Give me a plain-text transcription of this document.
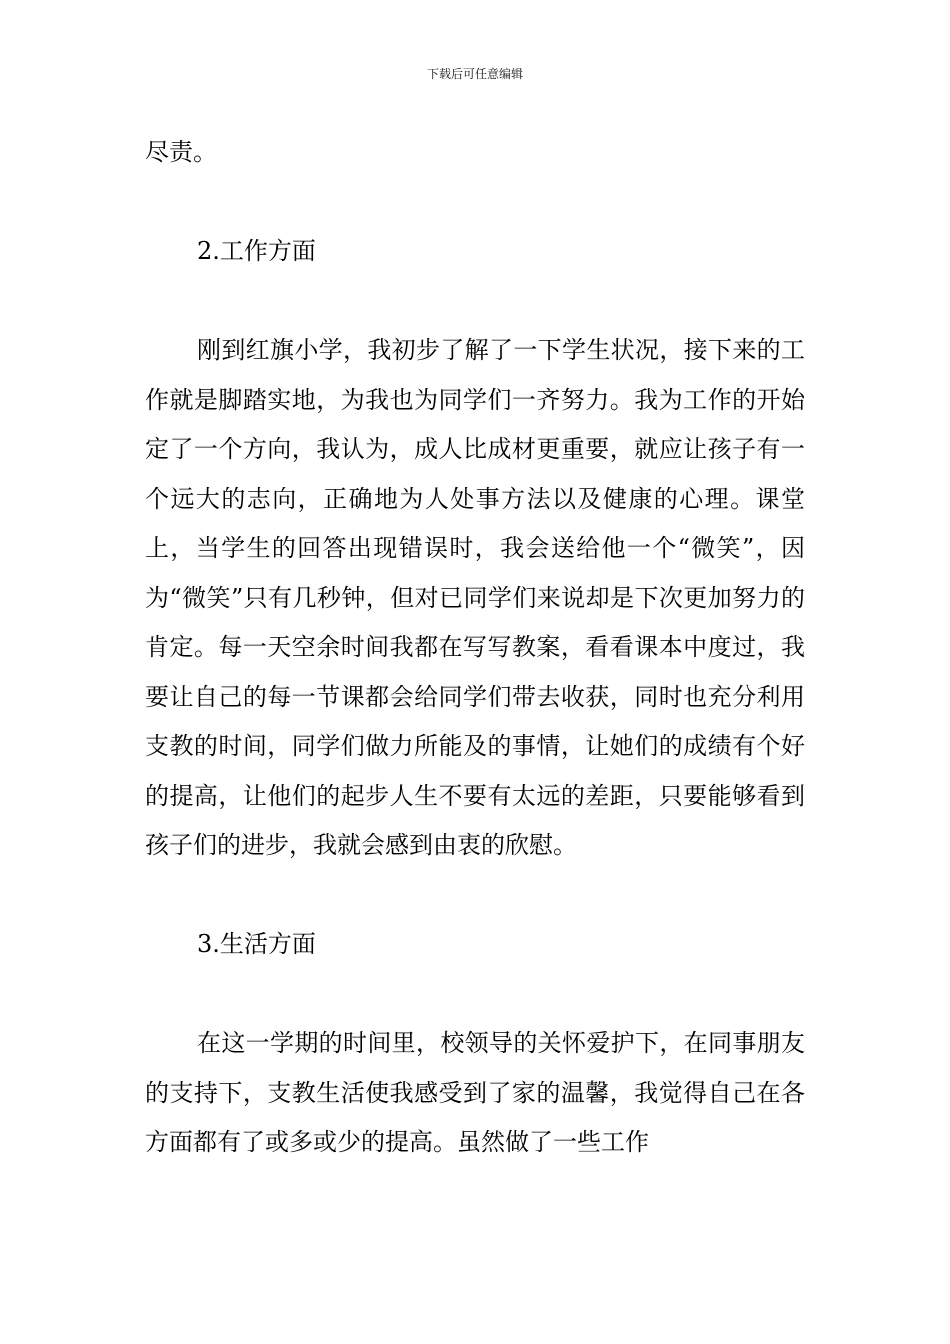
下载后可任意编辑

尽责。

2.工作方面

刚到红旗小学，我初步了解了一下学生状况，接下来的工作就是脚踏实地，为我也为同学们一齐努力。我为工作的开始定了一个方向，我认为，成人比成材更重要，就应让孩子有一个远大的志向，正确地为人处事方法以及健康的心理。课堂上，当学生的回答出现错误时，我会送给他一个“微笑”，因为“微笑”只有几秒钟，但对已同学们来说却是下次更加努力的肯定。每一天空余时间我都在写写教案，看看课本中度过，我要让自己的每一节课都会给同学们带去收获，同时也充分利用支教的时间，同学们做力所能及的事情，让她们的成绩有个好的提高，让他们的起步人生不要有太远的差距，只要能够看到孩子们的进步，我就会感到由衷的欣慰。

3.生活方面

在这一学期的时间里，校领导的关怀爱护下，在同事朋友的支持下，支教生活使我感受到了家的温馨，我觉得自己在各方面都有了或多或少的提高。虽然做了一些工作
